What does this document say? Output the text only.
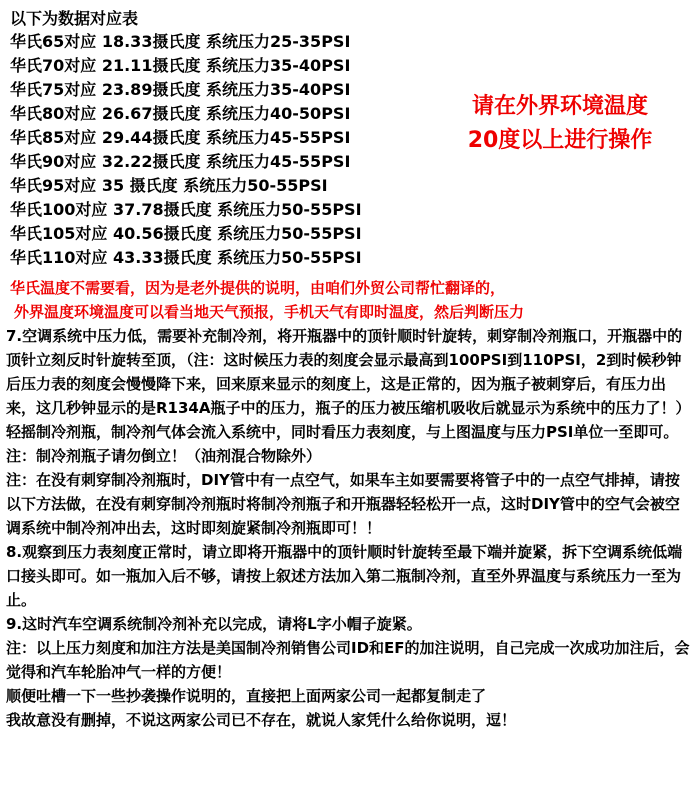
以下为数据对应表
华氏65对应 18.33摄氏度 系统压力25-35PSI
华氏70对应 21.11摄氏度 系统压力35-40PSI
华氏75对应 23.89摄氏度 系统压力35-40PSI
华氏80对应 26.67摄氏度 系统压力40-50PSI
华氏85对应 29.44摄氏度 系统压力45-55PSI
华氏90对应 32.22摄氏度 系统压力45-55PSI
华氏95对应 35 摄氏度 系统压力50-55PSI
华氏100对应 37.78摄氏度 系统压力50-55PSI
华氏105对应 40.56摄氏度 系统压力50-55PSI
华氏110对应 43.33摄氏度 系统压力50-55PSI
华氏温度不需要看，因为是老外提供的说明，由咱们外贸公司帮忙翻译的，
外界温度环境温度可以看当地天气预报，手机天气有即时温度，然后判断压力
7.空调系统中压力低，需要补充制冷剂，将开瓶器中的顶针顺时针旋转，刺穿制冷剂瓶口，开瓶器中的顶针立刻反时针旋转至顶，（注：这时候压力表的刻度会显示最高到100PSI到110PSI，2到时候秒钟后压力表的刻度会慢慢降下来，回来原来显示的刻度上，这是正常的，因为瓶子被刺穿后，有压力出来，这几秒钟显示的是R134A瓶子中的压力，瓶子的压力被压缩机吸收后就显示为系统中的压力了！）轻摇制冷剂瓶，制冷剂气体会流入系统中，同时看压力表刻度，与上图温度与压力PSI单位一至即可。注：制冷剂瓶子请勿倒立！（油剂混合物除外）
注：在没有刺穿制冷剂瓶时，DIY管中有一点空气，如果车主如要需要将管子中的一点空气排掉，请按以下方法做，在没有刺穿制冷剂瓶时将制冷剂瓶子和开瓶器轻轻松开一点，这时DIY管中的空气会被空调系统中制冷剂冲出去，这时即刻旋紧制冷剂瓶即可！！
8.观察到压力表刻度正常时，请立即将开瓶器中的顶针顺时针旋转至最下端并旋紧，拆下空调系统低端口接头即可。如一瓶加入后不够，请按上叙述方法加入第二瓶制冷剂，直至外界温度与系统压力一至为止。
9.这时汽车空调系统制冷剂补充以完成，请将L字小帽子旋紧。
注：以上压力刻度和加注方法是美国制冷剂销售公司ID和EF的加注说明，自己完成一次成功加注后，会觉得和汽车轮胎冲气一样的方便！
顺便吐槽一下一些抄袭操作说明的，直接把上面两家公司一起都复制走了
我故意没有删掉，不说这两家公司已不存在，就说人家凭什么给你说明，逗！
请在外界环境温度
20度以上进行操作
